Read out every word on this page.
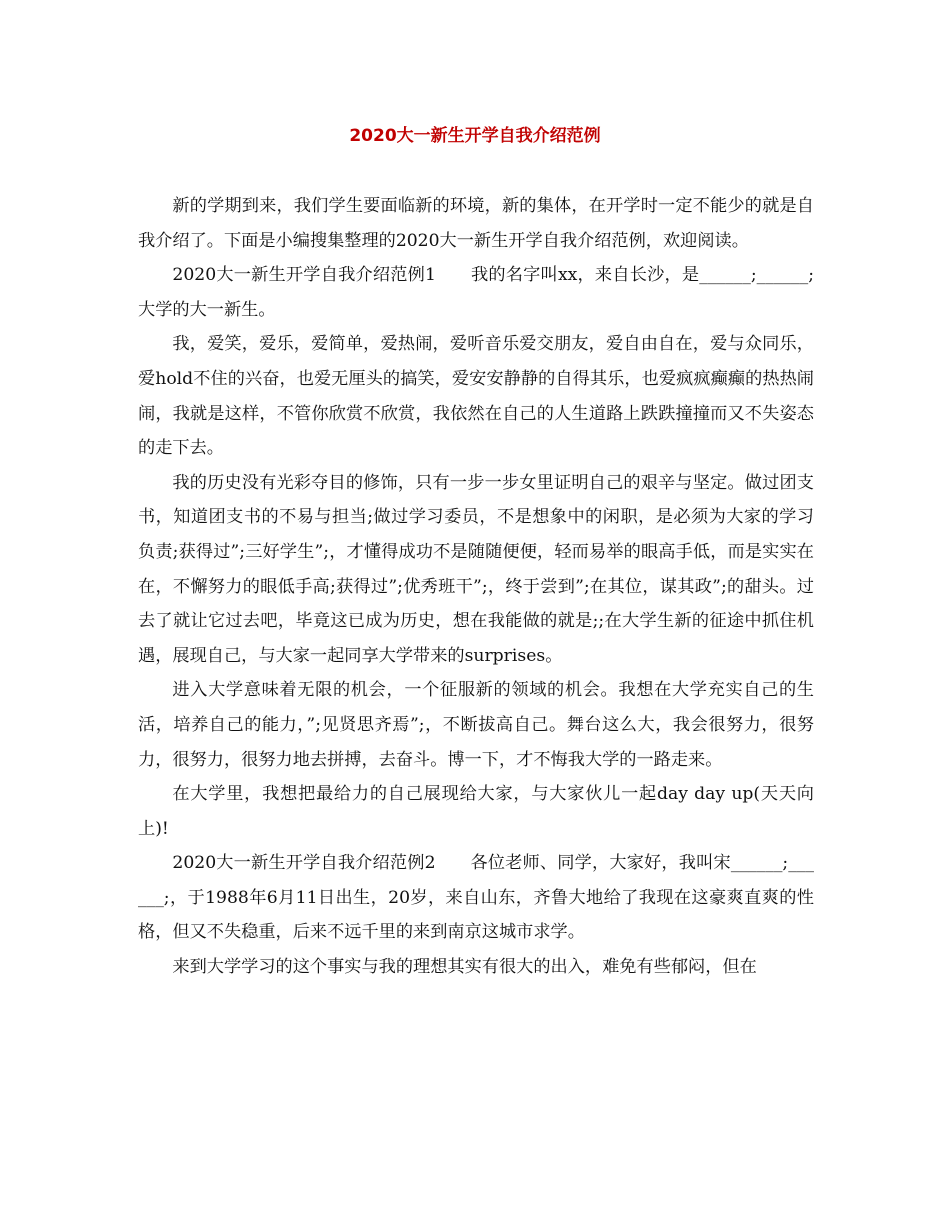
2020大一新生开学自我介绍范例

新的学期到来，我们学生要面临新的环境，新的集体，在开学时一定不能少的就是自我介绍了。下面是小编搜集整理的2020大一新生开学自我介绍范例，欢迎阅读。

2020大一新生开学自我介绍范例1　　我的名字叫xx，来自长沙，是______;______;大学的大一新生。

我，爱笑，爱乐，爱简单，爱热闹，爱听音乐爱交朋友，爱自由自在，爱与众同乐，爱hold不住的兴奋，也爱无厘头的搞笑，爱安安静静的自得其乐，也爱疯疯癫癫的热热闹闹，我就是这样，不管你欣赏不欣赏，我依然在自己的人生道路上跌跌撞撞而又不失姿态的走下去。

我的历史没有光彩夺目的修饰，只有一步一步女里证明自己的艰辛与坚定。做过团支书，知道团支书的不易与担当;做过学习委员，不是想象中的闲职，是必须为大家的学习负责;获得过”;三好学生”;，才懂得成功不是随随便便，轻而易举的眼高手低，而是实实在在，不懈努力的眼低手高;获得过”;优秀班干”;，终于尝到”;在其位，谋其政”;的甜头。过去了就让它过去吧，毕竟这已成为历史，想在我能做的就是;;在大学生新的征途中抓住机遇，展现自己，与大家一起同享大学带来的surprises。

进入大学意味着无限的机会，一个征服新的领域的机会。我想在大学充实自己的生活，培养自己的能力，”;见贤思齐焉”;，不断拔高自己。舞台这么大，我会很努力，很努力，很努力，很努力地去拼搏，去奋斗。博一下，才不悔我大学的一路走来。

在大学里，我想把最给力的自己展现给大家，与大家伙儿一起day day up(天天向上)!

2020大一新生开学自我介绍范例2　　各位老师、同学，大家好，我叫宋______;______;，于1988年6月11日出生，20岁，来自山东，齐鲁大地给了我现在这豪爽直爽的性格，但又不失稳重，后来不远千里的来到南京这城市求学。

来到大学学习的这个事实与我的理想其实有很大的出入，难免有些郁闷，但在
